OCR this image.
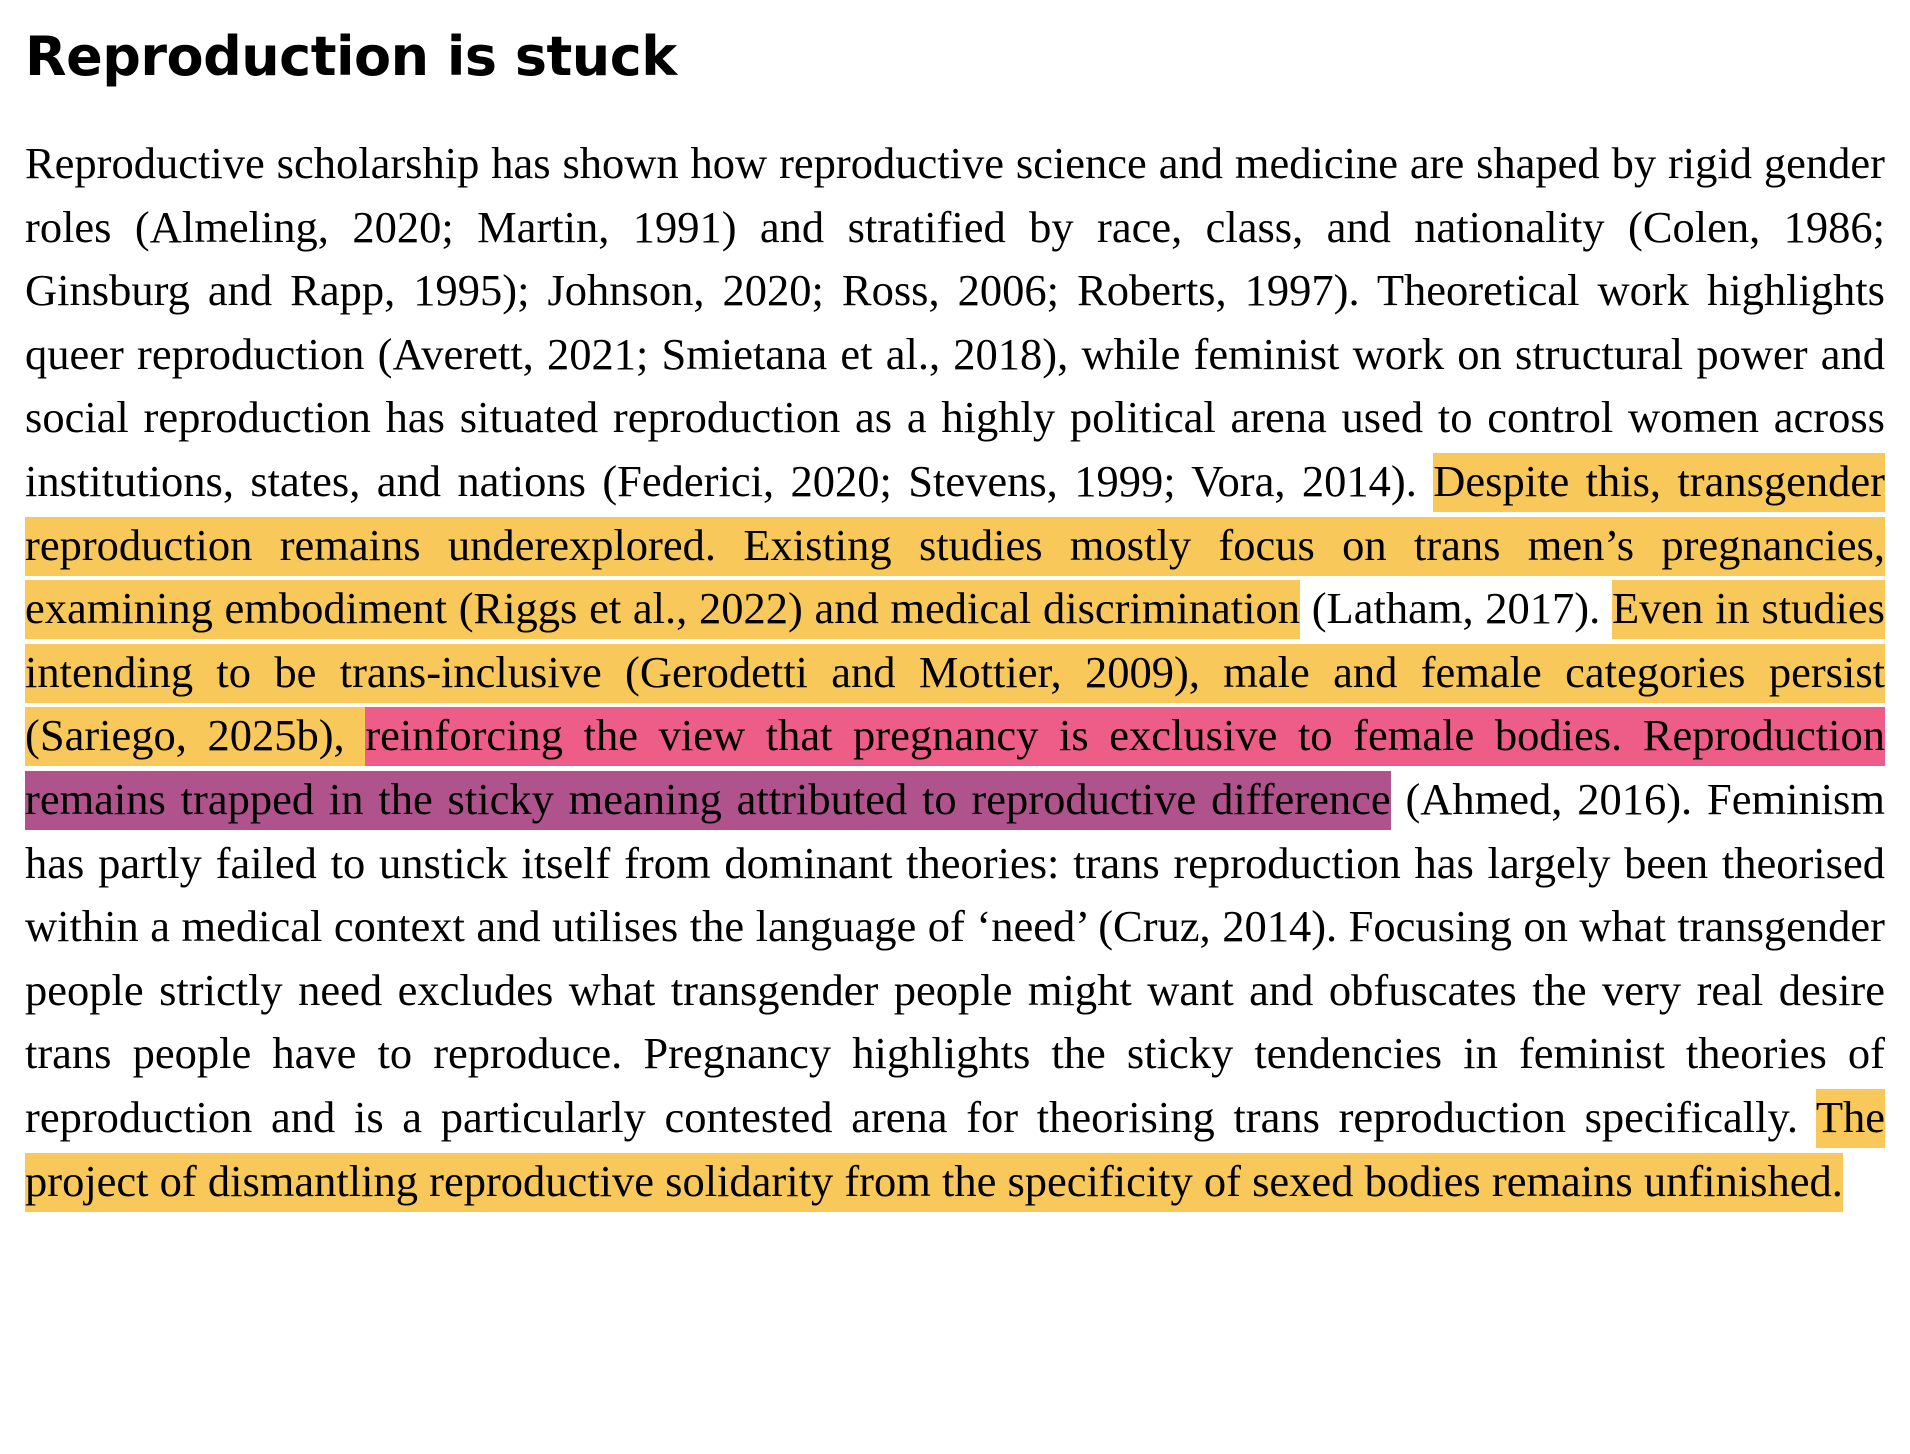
Reproduction is stuck

Reproductive scholarship has shown how reproductive science and medicine are shaped by rigid gender roles (Almeling, 2020; Martin, 1991) and stratified by race, class, and nationality (Colen, 1986; Ginsburg and Rapp, 1995); Johnson, 2020; Ross, 2006; Roberts, 1997). Theoretical work highlights queer reproduction (Averett, 2021; Smietana et al., 2018), while feminist work on structural power and social reproduction has situated reproduction as a highly political arena used to control women across institutions, states, and nations (Federici, 2020; Stevens, 1999; Vora, 2014). Despite this, transgender reproduction remains underexplored. Existing studies mostly focus on trans men’s pregnancies, examining embodiment (Riggs et al., 2022) and medical discrimination (Latham, 2017). Even in studies intending to be trans-inclusive (Gerodetti and Mottier, 2009), male and female categories persist (Sariego, 2025b), reinforcing the view that pregnancy is exclusive to female bodies. Reproduction remains trapped in the sticky meaning attributed to reproductive difference (Ahmed, 2016). Feminism has partly failed to unstick itself from dominant theories: trans reproduction has largely been theorised within a medical context and utilises the language of ‘need’ (Cruz, 2014). Focusing on what transgender people strictly need excludes what transgender people might want and obfuscates the very real desire trans people have to reproduce. Pregnancy highlights the sticky tendencies in feminist theories of reproduction and is a particularly contested arena for theorising trans reproduction specifically. The project of dismantling reproductive solidarity from the specificity of sexed bodies remains unfinished.
